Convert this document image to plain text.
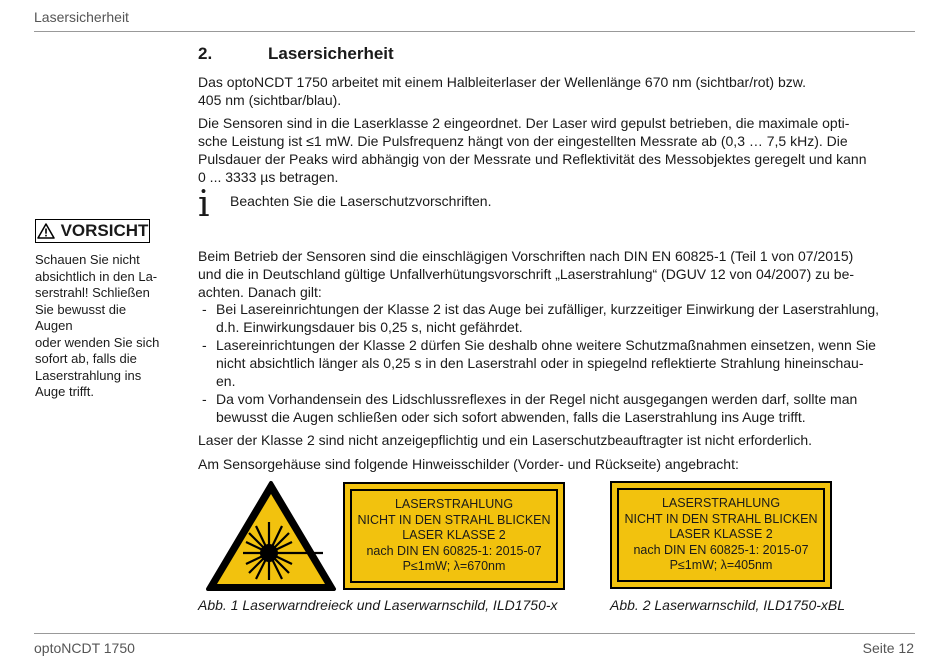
Lasersicherheit
optoNCDT 1750	Seite 12
2.	Lasersicherheit

Das optoNCDT 1750 arbeitet mit einem Halbleiterlaser der Wellenlänge 670 nm (sichtbar/rot) bzw.

405 nm (sichtbar/blau).

Die Sensoren sind in die Laserklasse 2 eingeordnet. Der Laser wird gepulst betrieben, die maximale opti-

sche Leistung ist ≤1 mW. Die Pulsfrequenz hängt von der eingestellten Messrate ab (0,3 … 7,5 kHz). Die

Pulsdauer der Peaks wird abhängig von der Messrate und Reflektivität des Messobjektes geregelt und kann

0 ... 3333 µs betragen.

i Beachten Sie die Laserschutzvorschriften.
VORSICHT
Schauen Sie nicht
absichtlich in den La-
serstrahl! Schließen
Sie bewusst die Augen
oder wenden Sie sich
sofort ab, falls die
Laserstrahlung ins
Auge trifft.

Beim Betrieb der Sensoren sind die einschlägigen Vorschriften nach DIN EN 60825-1 (Teil 1 von 07/2015)

und die in Deutschland gültige Unfallverhütungsvorschrift „Laserstrahlung“ (DGUV 12 von 04/2007) zu be-

achten. Danach gilt:

- Bei Lasereinrichtungen der Klasse 2 ist das Auge bei zufälliger, kurzzeitiger Einwirkung der Laserstrahlung,
d.h. Einwirkungsdauer bis 0,25 s, nicht gefährdet.
- Lasereinrichtungen der Klasse 2 dürfen Sie deshalb ohne weitere Schutzmaßnahmen einsetzen, wenn Sie
nicht absichtlich länger als 0,25 s in den Laserstrahl oder in spiegelnd reflektierte Strahlung hineinschau-
en.
- Da vom Vorhandensein des Lidschlussreflexes in der Regel nicht ausgegangen werden darf, sollte man
bewusst die Augen schließen oder sich sofort abwenden, falls die Laserstrahlung ins Auge trifft.
Laser der Klasse 2 sind nicht anzeigepflichtig und ein Laserschutzbeauftragter ist nicht erforderlich.
Am Sensorgehäuse sind folgende Hinweisschilder (Vorder- und Rückseite) angebracht:
LASERSTRAHLUNG
NICHT IN DEN STRAHL BLICKEN
LASER KLASSE 2
nach DIN EN 60825-1: 2015-07
P≤1mW; λ=670nm
LASERSTRAHLUNG
NICHT IN DEN STRAHL BLICKEN
LASER KLASSE 2
nach DIN EN 60825-1: 2015-07
P≤1mW; λ=405nm
Abb. 1 Laserwarndreieck und Laserwarnschild, ILD1750-x	Abb. 2 Laserwarnschild, ILD1750-xBL
